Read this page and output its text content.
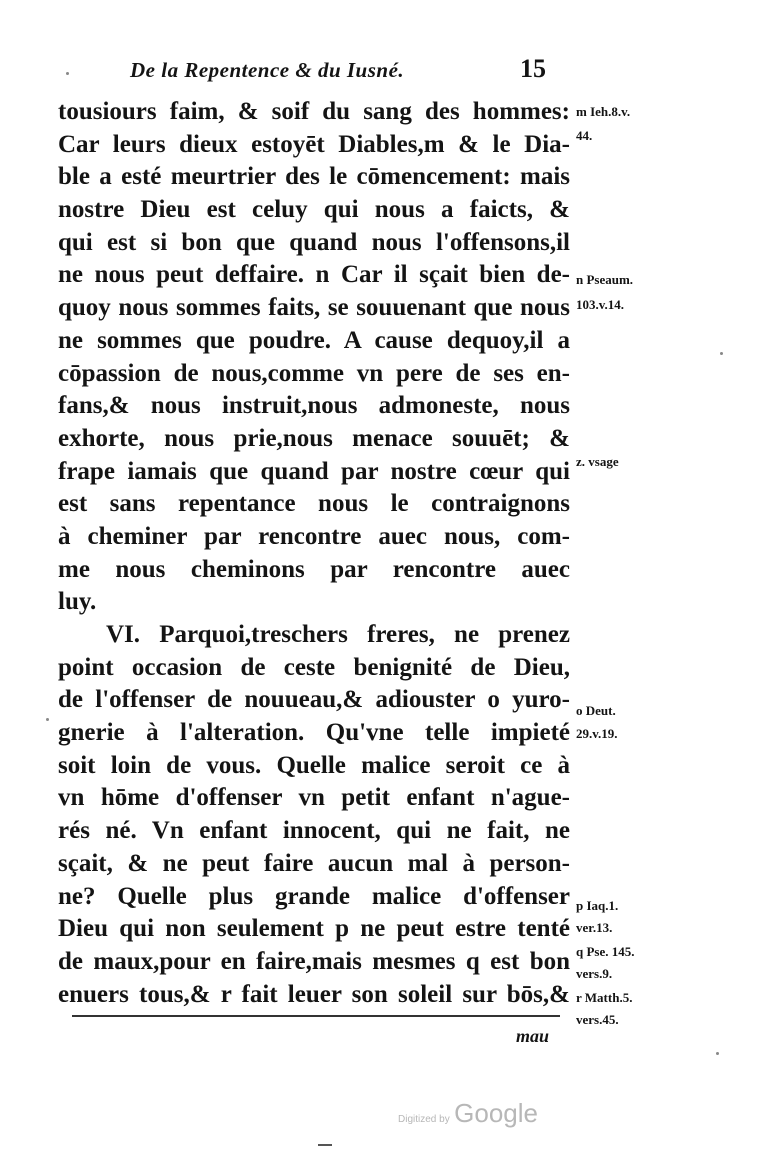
De la Repentence & du Iusné.	15
tousiours faim, & soif du sang des hommes:
Car leurs dieux estoyēt Diables,m & le Dia-
ble a esté meurtrier des le cōmencement: mais
nostre Dieu est celuy qui nous a faicts, &
qui est si bon que quand nous l'offensons,il
ne nous peut deffaire. n Car il sçait bien de-
quoy nous sommes faits, se souuenant que nous
ne sommes que poudre. A cause dequoy,il a
cōpassion de nous,comme vn pere de ses en-
fans,& nous instruit,nous admoneste, nous
exhorte, nous prie,nous menace souuēt; &
frape iamais que quand par nostre cœur qui
est sans repentance nous le contraignons
à cheminer par rencontre auec nous, com-
me nous cheminons par rencontre auec
luy.
VI. Parquoi,treschers freres, ne prenez
point occasion de ceste benignité de Dieu,
de l'offenser de nouueau,& adiouster o yuro-
gnerie à l'alteration. Qu'vne telle impieté
soit loin de vous. Quelle malice seroit ce à
vn hōme d'offenser vn petit enfant n'ague-
rés né. Vn enfant innocent, qui ne fait, ne
sçait, & ne peut faire aucun mal à person-
ne? Quelle plus grande malice d'offenser
Dieu qui non seulement p ne peut estre tenté
de maux,pour en faire,mais mesmes q est bon
enuers tous,& r fait leuer son soleil sur bōs,&
m Ieh.8.v.
44.
n Pseaum.
103.v.14.
z. vsage
o Deut.
29.v.19.
p Iaq.1.
ver.13.
q Pse. 145.
vers.9.
r Matth.5.
vers.45.
mau
Digitized by Google
